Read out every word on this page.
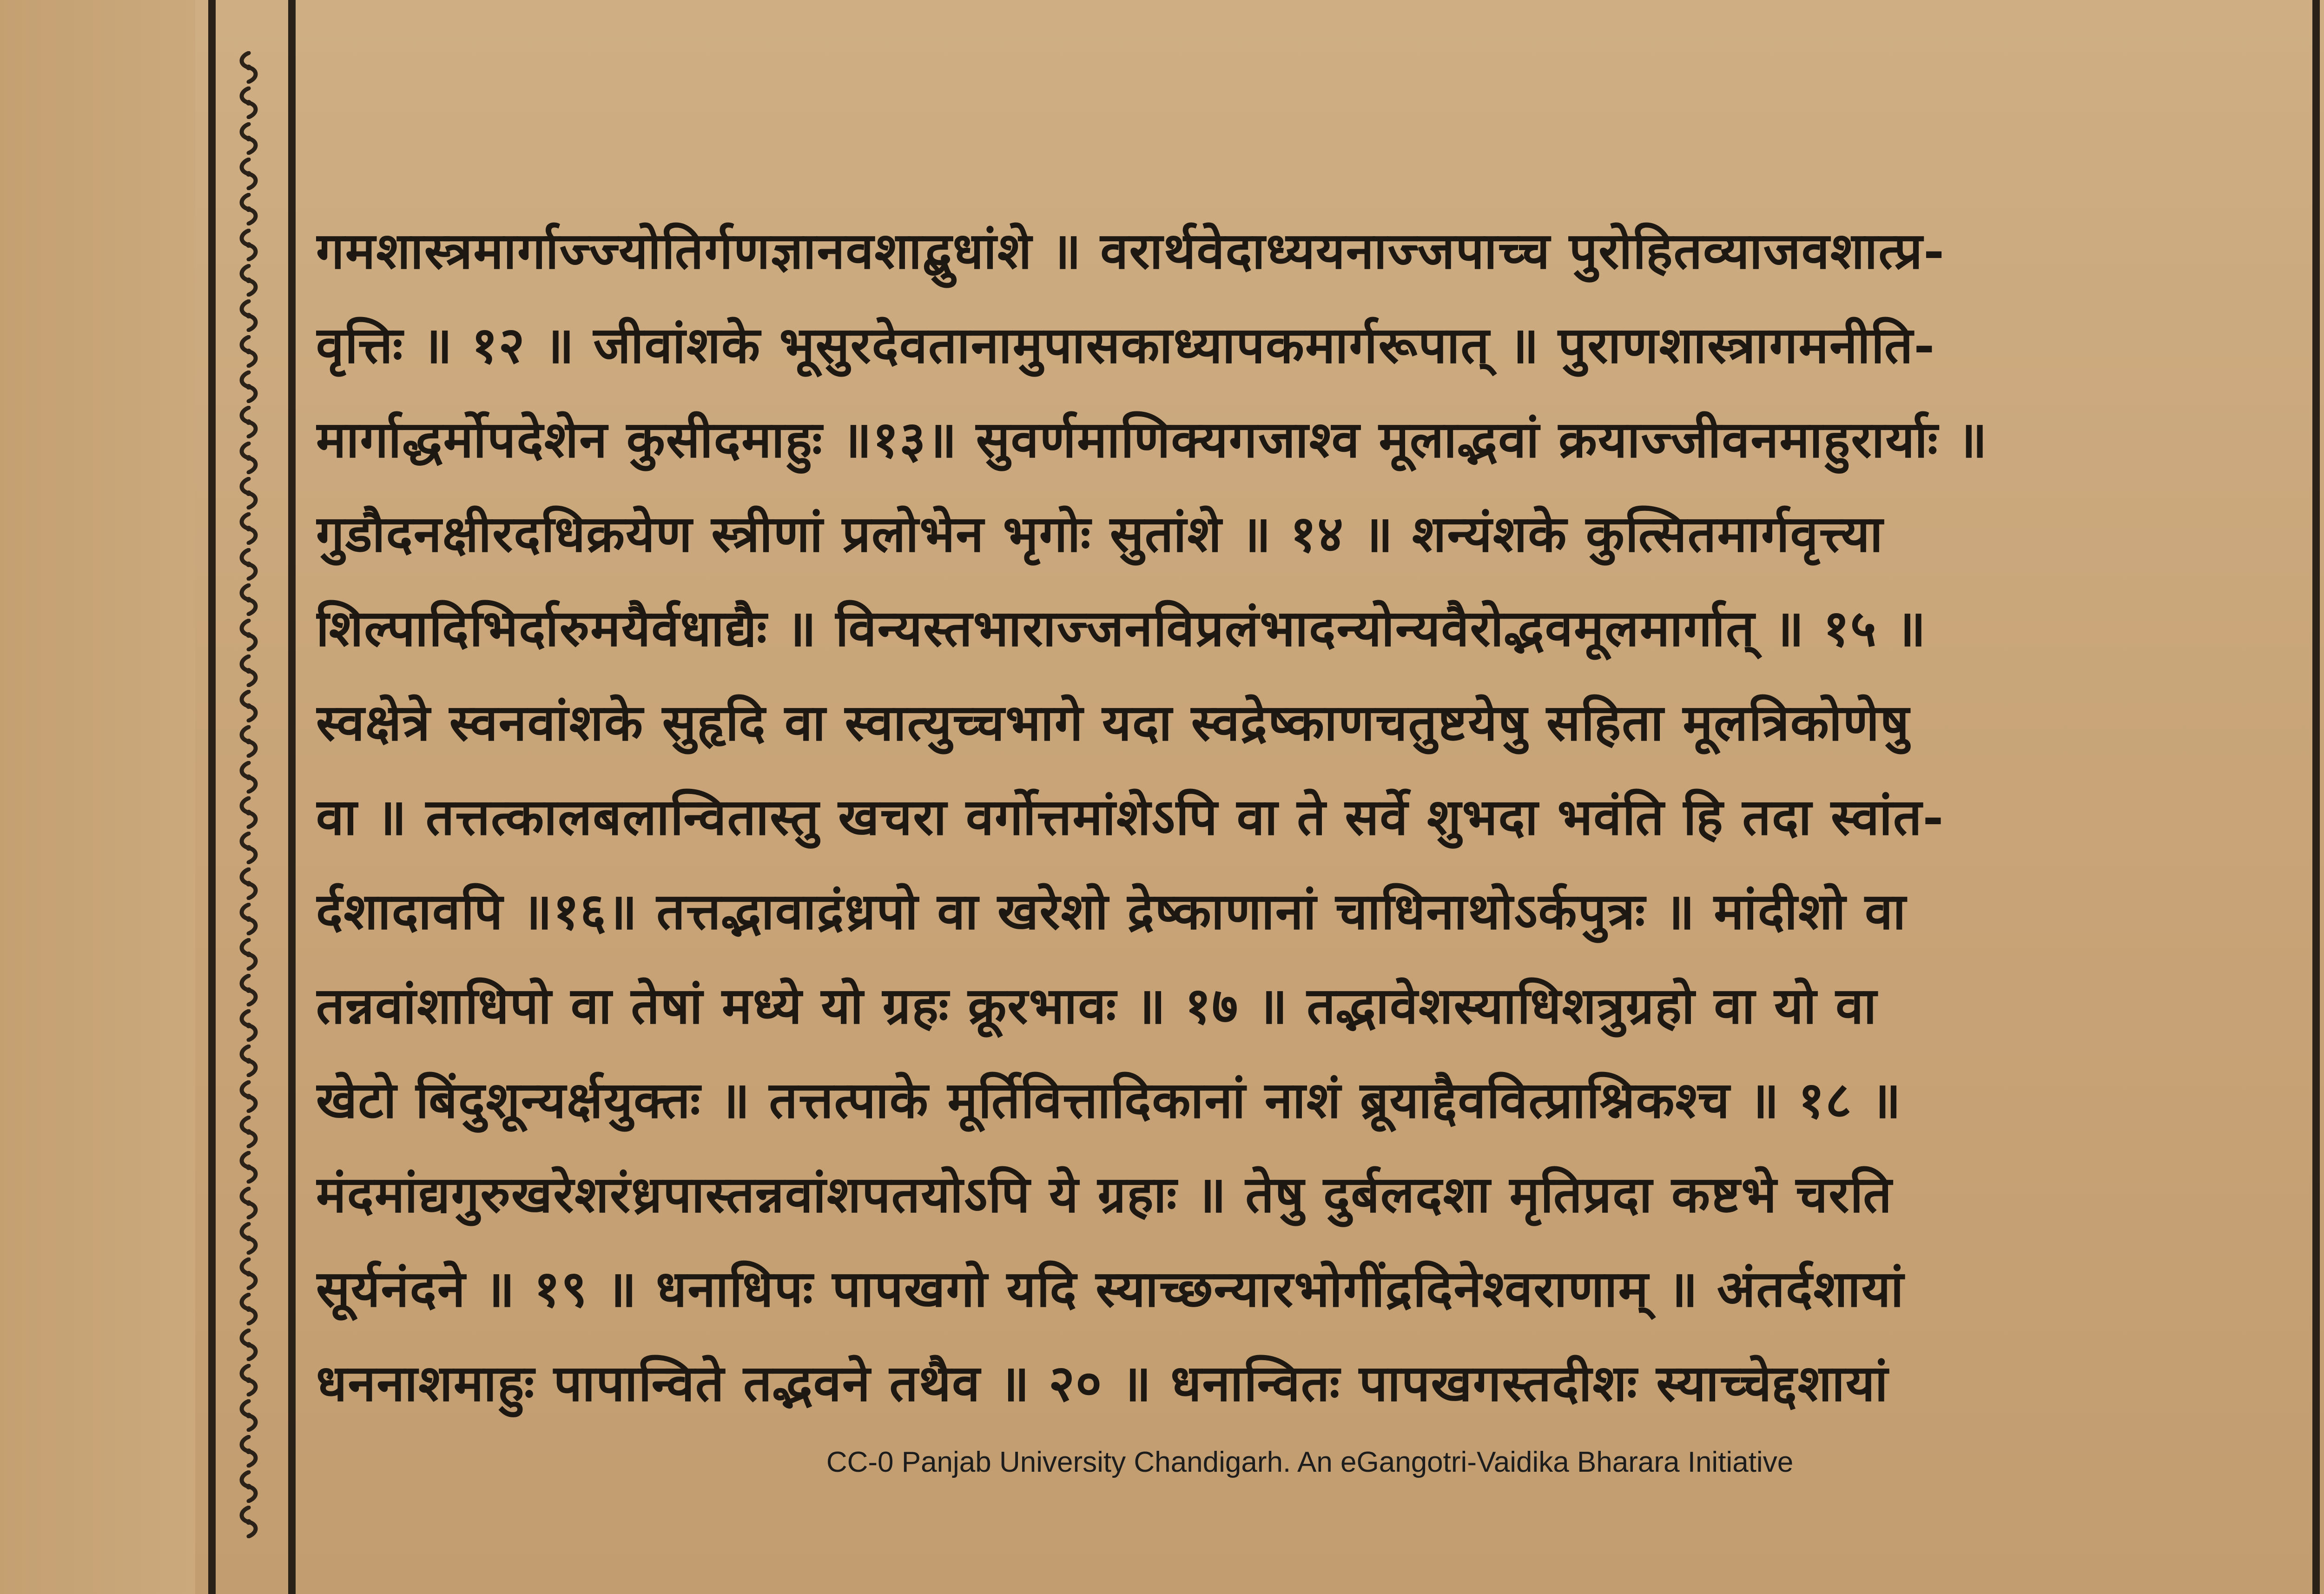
गमशास्त्रमार्गाज्ज्योतिर्गणज्ञानवशाद्बुधांशे ॥ वरार्थवेदाध्ययनाज्जपाच्च पुरोहितव्याजवशात्प्र-
वृत्तिः ॥ १२ ॥ जीवांशके भूसुरदेवतानामुपासकाध्यापकमार्गरूपात् ॥ पुराणशास्त्रागमनीति-
मार्गाद्धर्मोपदेशेन कुसीदमाहुः ॥१३॥ सुवर्णमाणिक्यगजाश्व मूलाद्भवां क्रयाज्जीवनमाहुरार्याः ॥
गुडौदनक्षीरदधिक्रयेण स्त्रीणां प्रलोभेन भृगोः सुतांशे ॥ १४ ॥ शन्यंशके कुत्सितमार्गवृत्त्या
शिल्पादिभिर्दारुमयैर्वधाद्यैः ॥ विन्यस्तभाराज्जनविप्रलंभादन्योन्यवैरोद्भवमूलमार्गात् ॥ १५ ॥
स्वक्षेत्रे स्वनवांशके सुहृदि वा स्वात्युच्चभागे यदा स्वद्रेष्काणचतुष्टयेषु सहिता मूलत्रिकोणेषु
वा ॥ तत्तत्कालबलान्वितास्तु खचरा वर्गोत्तमांशेऽपि वा ते सर्वे शुभदा भवंति हि तदा स्वांत-
र्दशादावपि ॥१६॥ तत्तद्भावाद्रंध्रपो वा खरेशो द्रेष्काणानां चाधिनाथोऽर्कपुत्रः ॥ मांदीशो वा
तन्नवांशाधिपो वा तेषां मध्ये यो ग्रहः क्रूरभावः ॥ १७ ॥ तद्भावेशस्याधिशत्रुग्रहो वा यो वा
खेटो बिंदुशून्यर्क्षयुक्तः ॥ तत्तत्पाके मूर्तिवित्तादिकानां नाशं ब्रूयाद्दैववित्प्राश्निकश्च ॥ १८ ॥
मंदमांद्यगुरुखरेशरंध्रपास्तन्नवांशपतयोऽपि ये ग्रहाः ॥ तेषु दुर्बलदशा मृतिप्रदा कष्टभे चरति
सूर्यनंदने ॥ १९ ॥ धनाधिपः पापखगो यदि स्याच्छन्यारभोगींद्रदिनेश्वराणाम् ॥ अंतर्दशायां
धननाशमाहुः पापान्विते तद्भवने तथैव ॥ २० ॥ धनान्वितः पापखगस्तदीशः स्याच्चेद्दशायां
CC-0 Panjab University Chandigarh. An eGangotri-Vaidika Bharara Initiative
